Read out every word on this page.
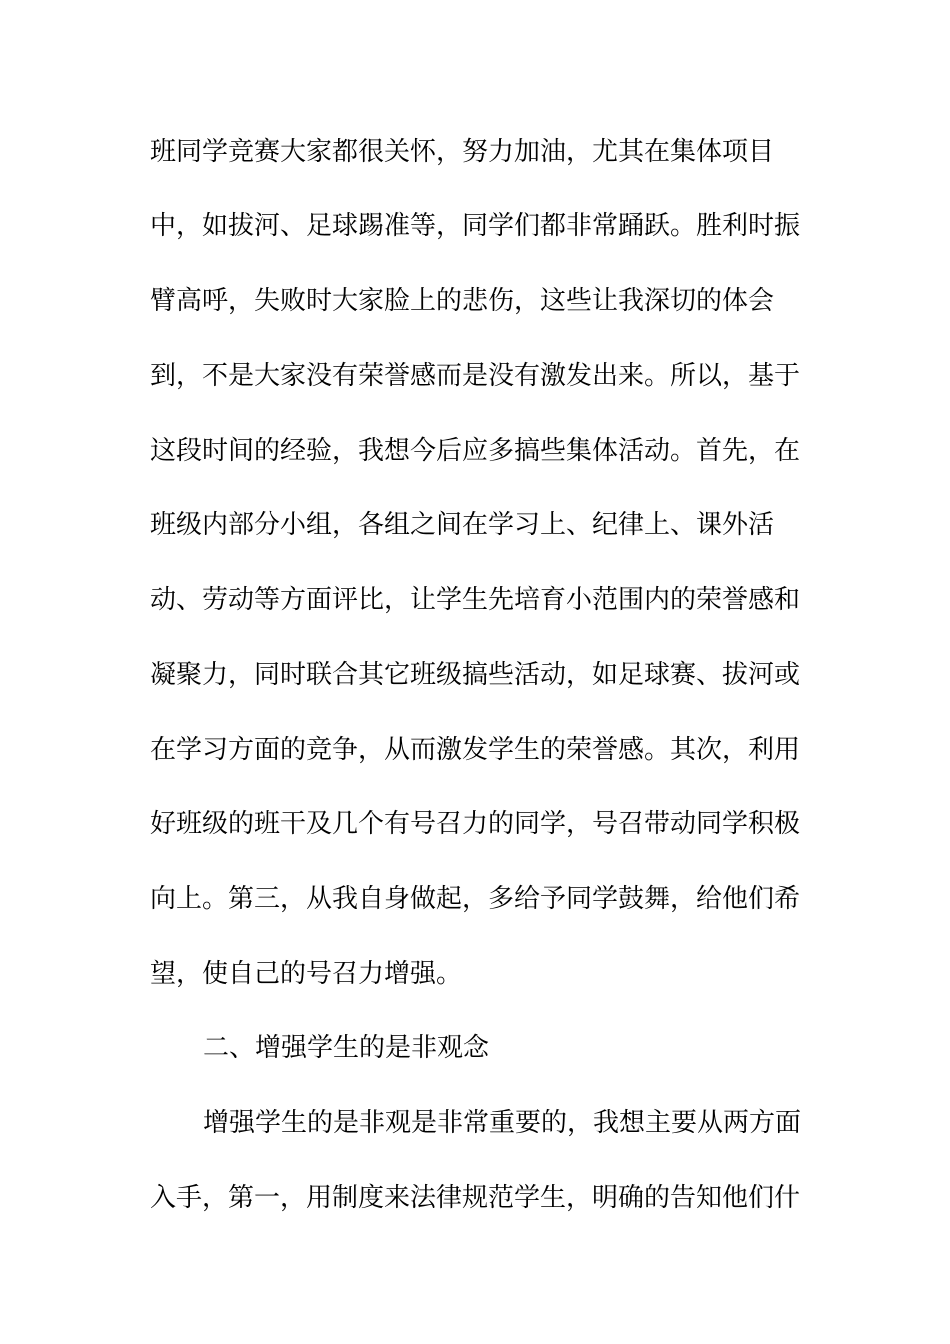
班同学竞赛大家都很关怀，努力加油，尤其在集体项目
中，如拔河、足球踢准等，同学们都非常踊跃。胜利时振
臂高呼，失败时大家脸上的悲伤，这些让我深切的体会
到，不是大家没有荣誉感而是没有激发出来。所以，基于
这段时间的经验，我想今后应多搞些集体活动。首先，在
班级内部分小组，各组之间在学习上、纪律上、课外活
动、劳动等方面评比，让学生先培育小范围内的荣誉感和
凝聚力，同时联合其它班级搞些活动，如足球赛、拔河或
在学习方面的竞争，从而激发学生的荣誉感。其次，利用
好班级的班干及几个有号召力的同学，号召带动同学积极
向上。第三，从我自身做起，多给予同学鼓舞，给他们希
望，使自己的号召力增强。
二、增强学生的是非观念
增强学生的是非观是非常重要的，我想主要从两方面
入手，第一，用制度来法律规范学生，明确的告知他们什
